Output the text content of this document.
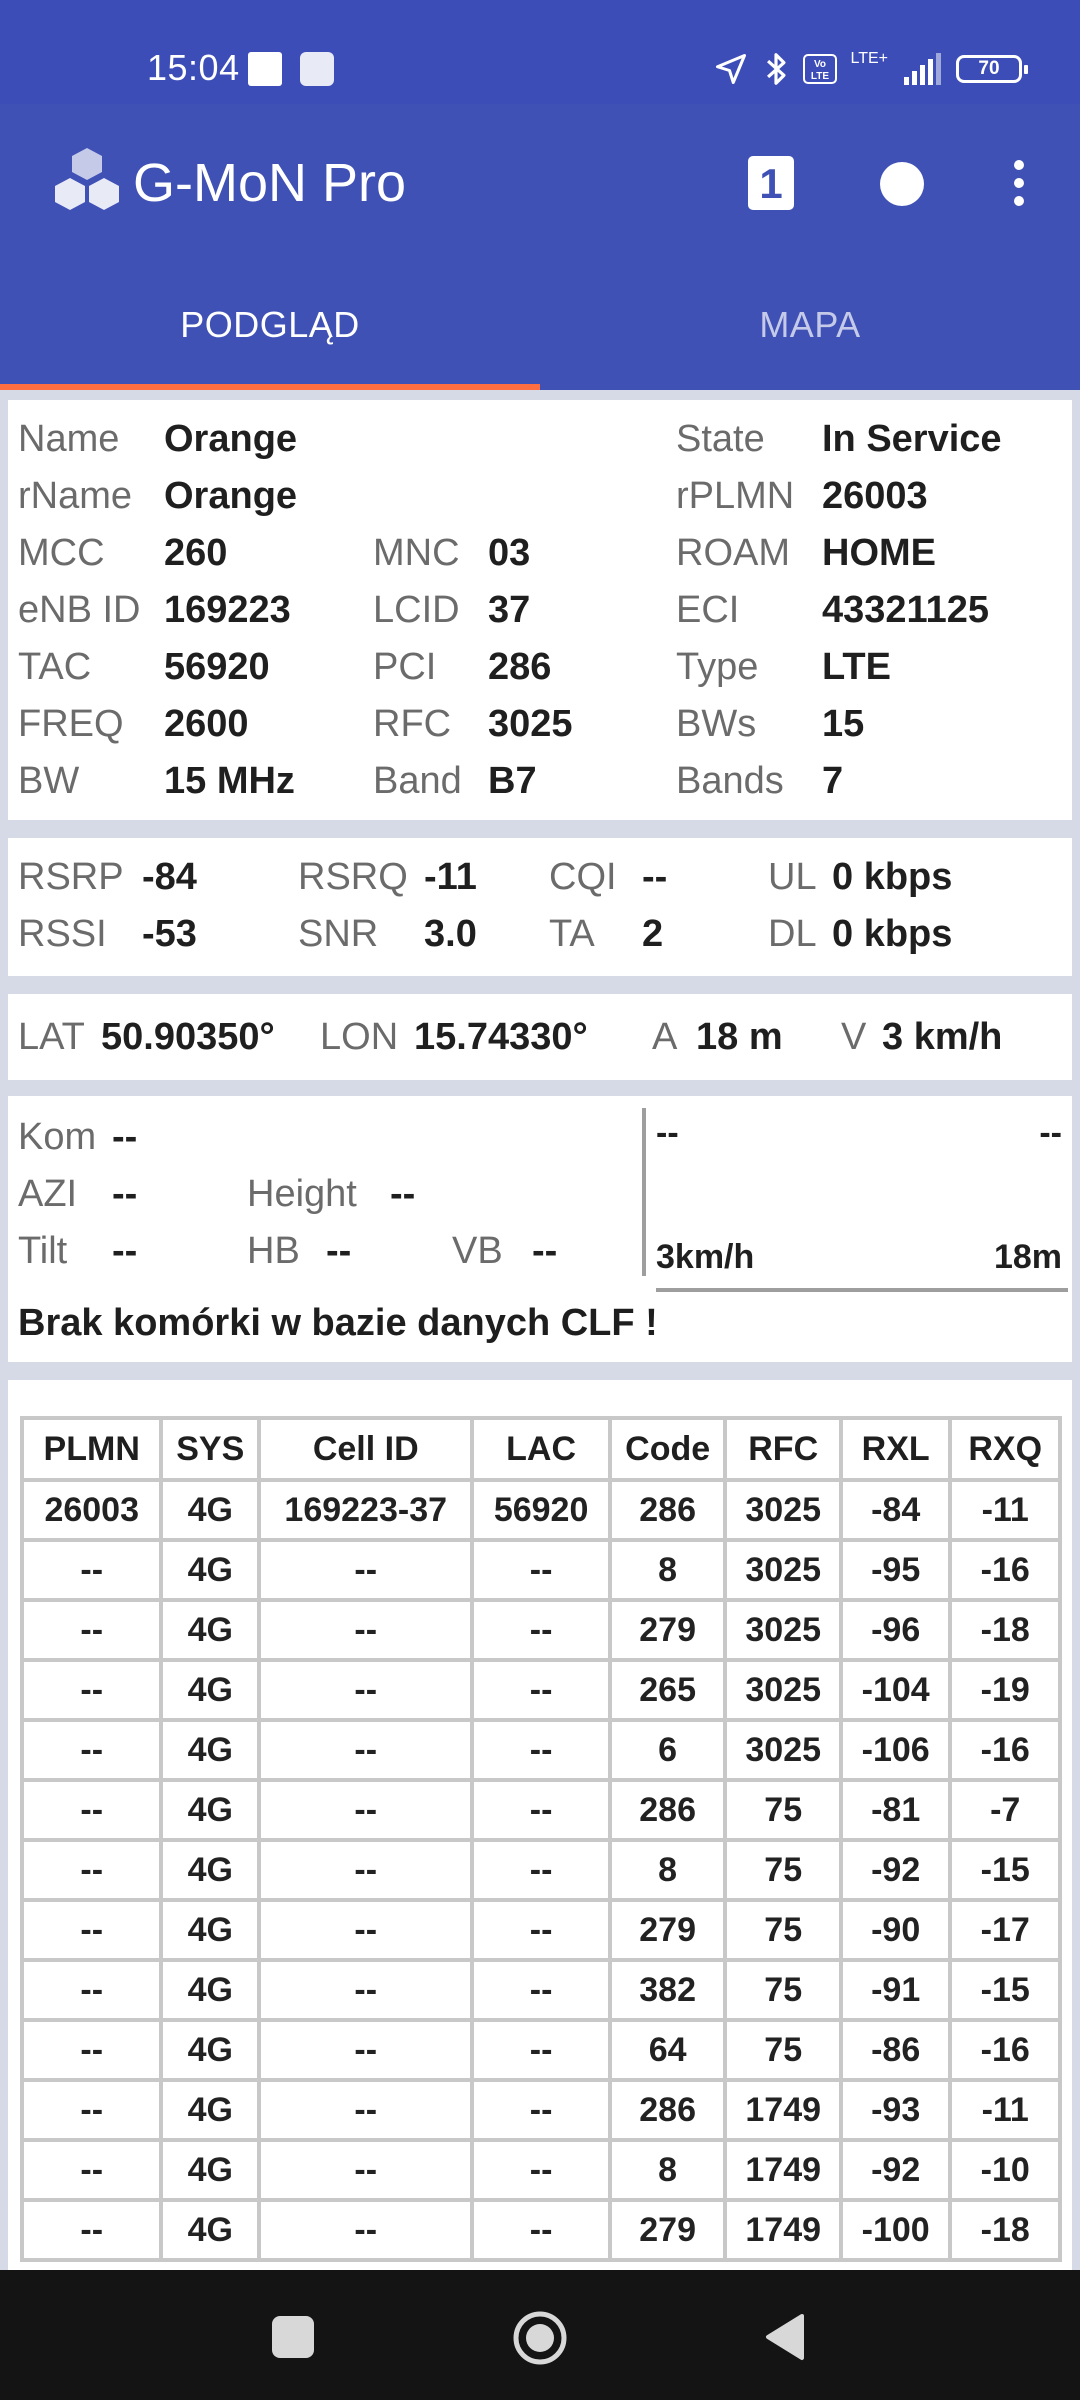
15:04	Vo
LTE
LTE+	70
G-MoN Pro	1
PODGLĄD	MAPA
Name Orange	State In Service
rName Orange	rPLMN 26003
MCC 260	MNC 03	ROAM HOME
eNB ID 169223 LCID 37	ECI 43321125
TAC 56920	PCI 286	Type LTE
FREQ 2600	RFC 3025	BWs 15
BW 15 MHz Band B7	Bands 7
RSRP -84	RSRQ -11 CQI --	UL 0 kbps
RSSI -53	SNR 3.0 TA 2	DL 0 kbps
LAT 50.90350° LON 15.74330° A 18 m V 3 km/h
Kom --
AZI --	Height --
Tilt --	HB --	VB --
--	--
3km/h	18m
Brak komórki w bazie danych CLF !
PLMN	SYS	Cell ID	LAC	Code	RFC	RXL	RXQ
26003	4G	169223-37	56920	286	3025	-84	-11
--	4G	--	--	8	3025	-95	-16
--	4G	--	--	279	3025	-96	-18
--	4G	--	--	265	3025	-104	-19
--	4G	--	--	6	3025	-106	-16
--	4G	--	--	286	75	-81	-7
--	4G	--	--	8	75	-92	-15
--	4G	--	--	279	75	-90	-17
--	4G	--	--	382	75	-91	-15
--	4G	--	--	64	75	-86	-16
--	4G	--	--	286	1749	-93	-11
--	4G	--	--	8	1749	-92	-10
--	4G	--	--	279	1749	-100	-18
